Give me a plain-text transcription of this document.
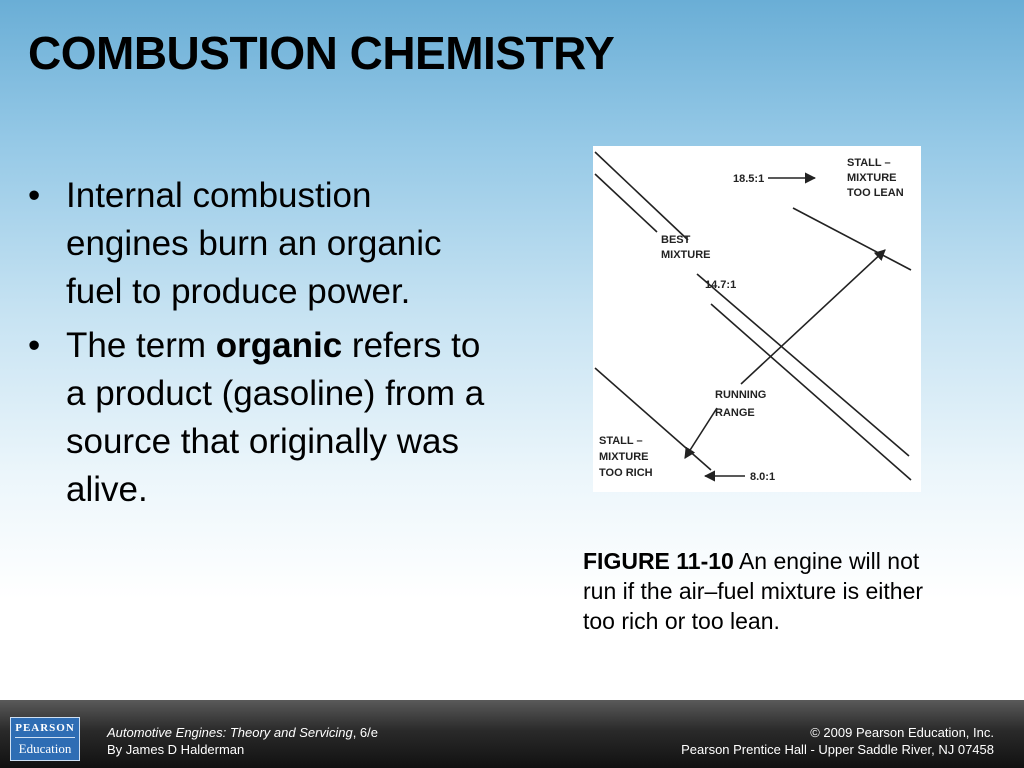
COMBUSTION CHEMISTRY
• Internal combustion engines burn an organic fuel to produce power.
• The term organic refers to a product (gasoline) from a source that originally was alive.
STALL –
MIXTURE
TOO LEAN
18.5:1
BEST
MIXTURE
14.7:1
RUNNING
RANGE
STALL –
MIXTURE
TOO RICH	8.0:1
FIGURE 11-10 An engine will not run if the air–fuel mixture is either too rich or too lean.
PEARSON
Education
Automotive Engines: Theory and Servicing, 6/e
By James D Halderman
© 2009 Pearson Education, Inc.
Pearson Prentice Hall - Upper Saddle River, NJ 07458
